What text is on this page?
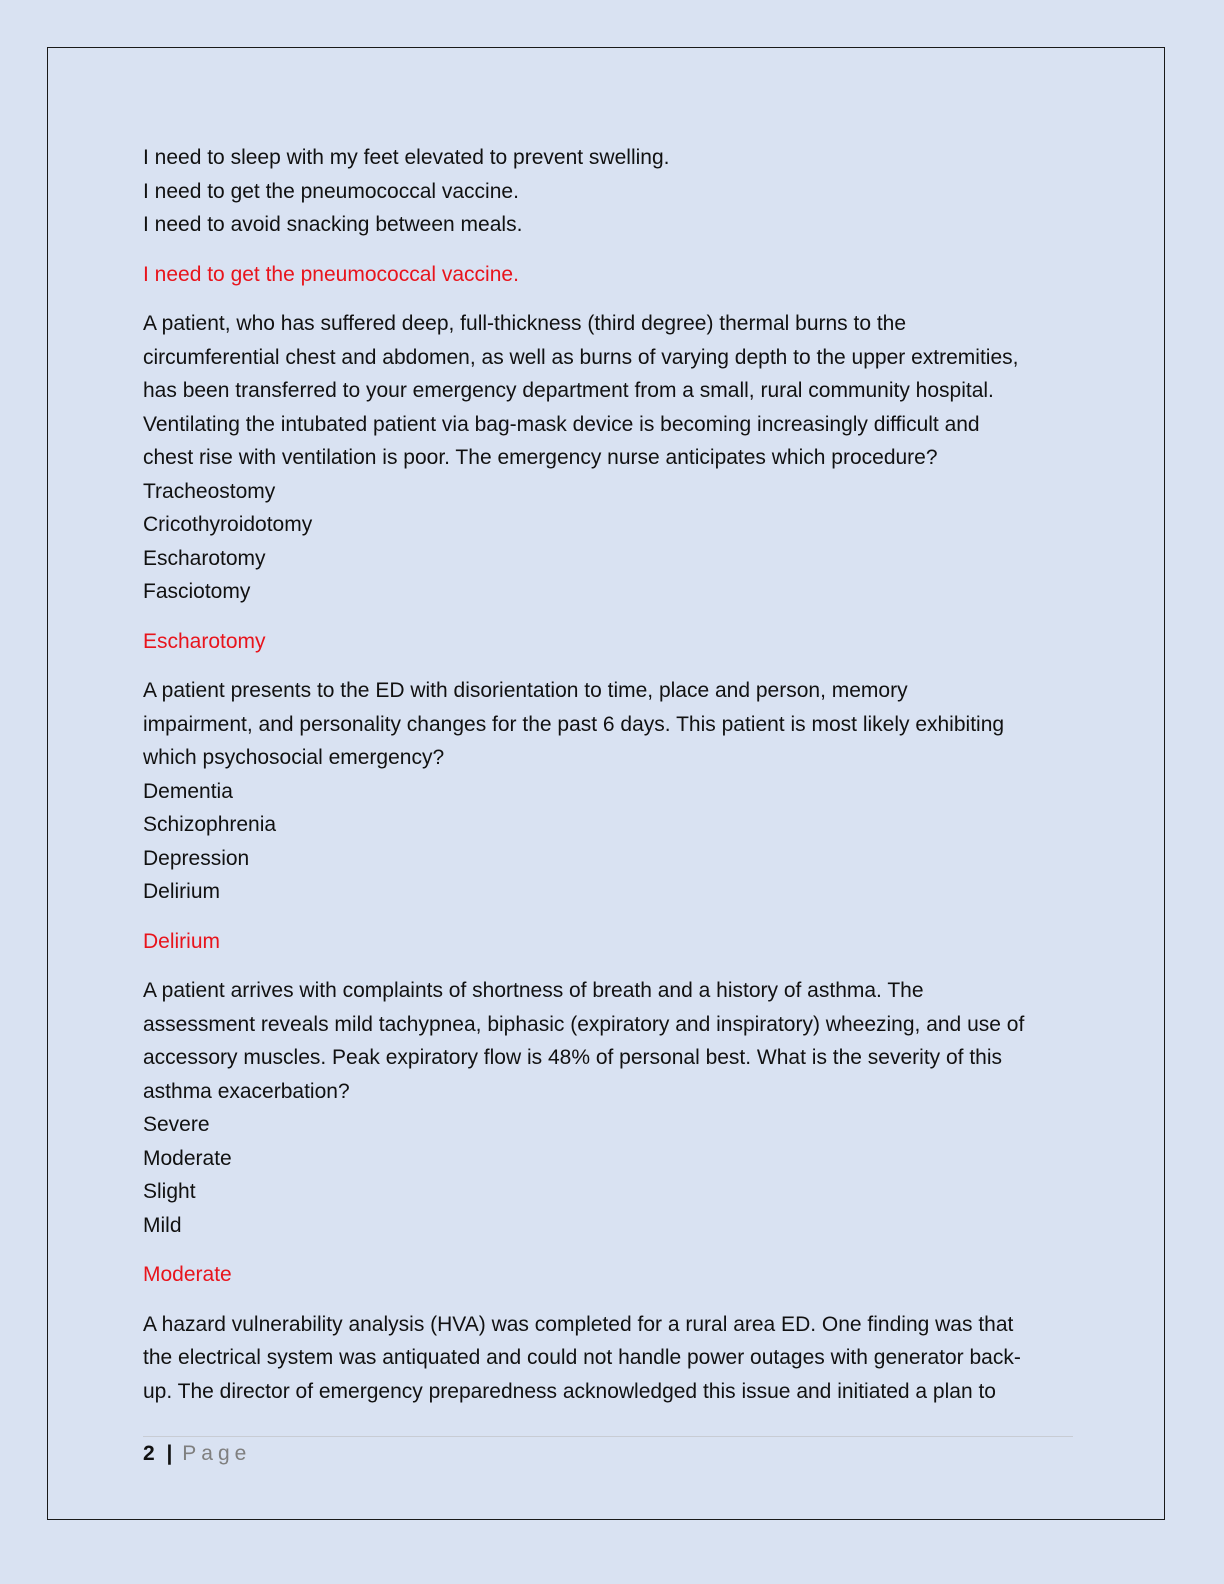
I need to sleep with my feet elevated to prevent swelling.
I need to get the pneumococcal vaccine.
I need to avoid snacking between meals.
I need to get the pneumococcal vaccine.
A patient, who has suffered deep, full-thickness (third degree) thermal burns to the
circumferential chest and abdomen, as well as burns of varying depth to the upper extremities,
has been transferred to your emergency department from a small, rural community hospital.
Ventilating the intubated patient via bag-mask device is becoming increasingly difficult and
chest rise with ventilation is poor. The emergency nurse anticipates which procedure?
Tracheostomy
Cricothyroidotomy
Escharotomy
Fasciotomy
Escharotomy
A patient presents to the ED with disorientation to time, place and person, memory
impairment, and personality changes for the past 6 days. This patient is most likely exhibiting
which psychosocial emergency?
Dementia
Schizophrenia
Depression
Delirium
Delirium
A patient arrives with complaints of shortness of breath and a history of asthma. The
assessment reveals mild tachypnea, biphasic (expiratory and inspiratory) wheezing, and use of
accessory muscles. Peak expiratory flow is 48% of personal best. What is the severity of this
asthma exacerbation?
Severe
Moderate
Slight
Mild
Moderate
A hazard vulnerability analysis (HVA) was completed for a rural area ED. One finding was that
the electrical system was antiquated and could not handle power outages with generator back-
up. The director of emergency preparedness acknowledged this issue and initiated a plan to
2 | Page
